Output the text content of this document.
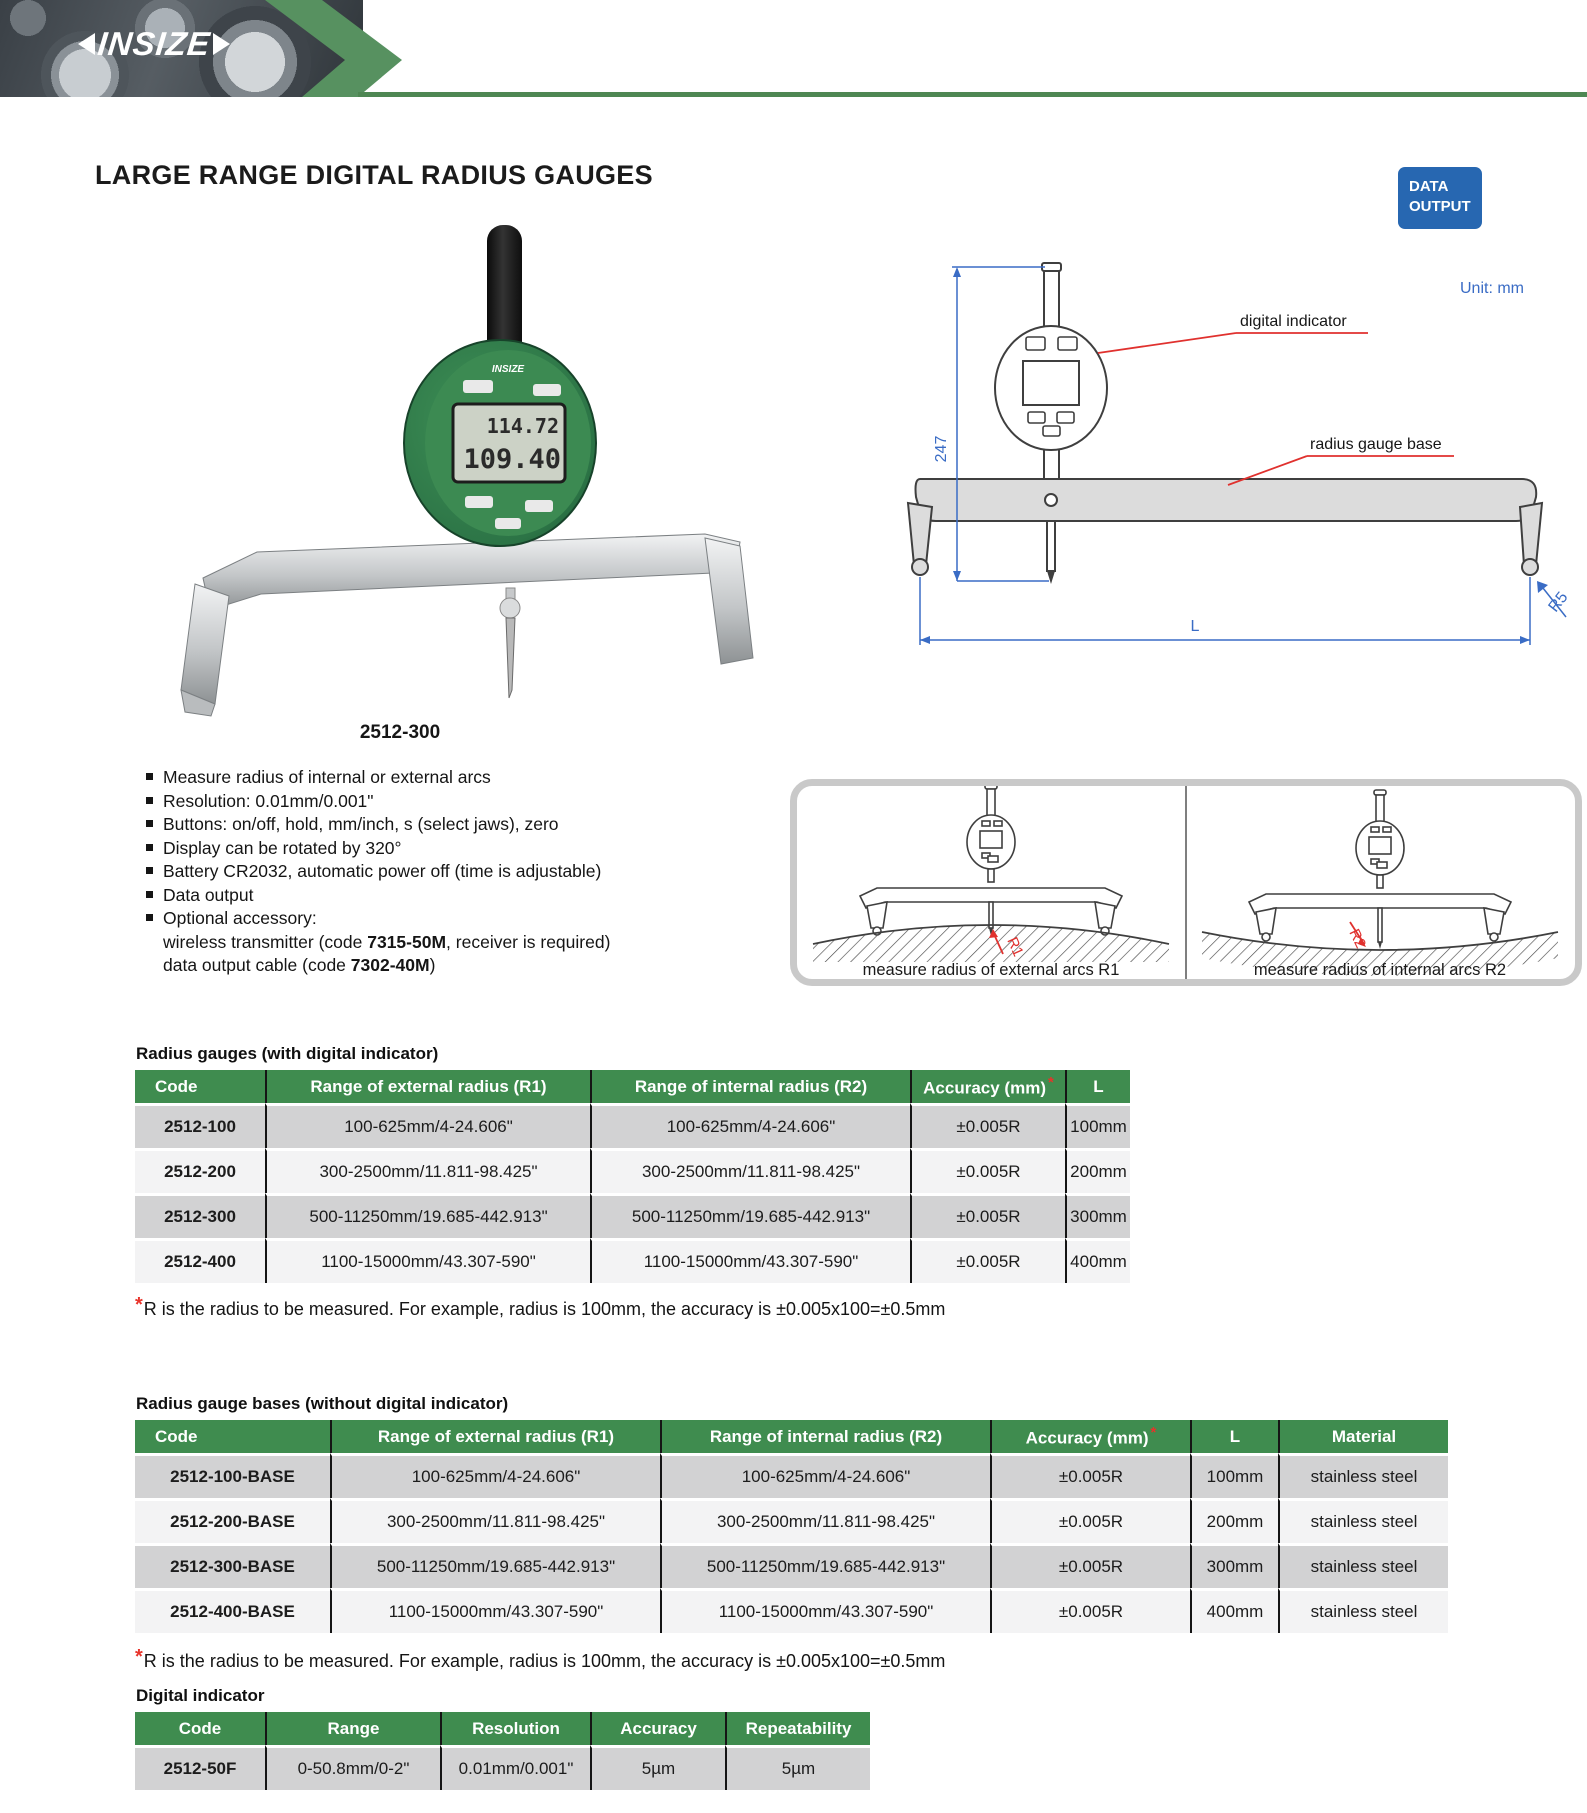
INSIZE
LARGE RANGE DIGITAL RADIUS GAUGES	DATA
OUTPUT
INSIZE
114.72
109.40
2512-300
Unit: mm
247
L
R5
digital indicator
radius gauge base
Measure radius of internal or external arcs
Resolution: 0.01mm/0.001"
Buttons: on/off, hold, mm/inch, s (select jaws), zero
Display can be rotated by 320°
Battery CR2032, automatic power off (time is adjustable)
Data output
Optional accessory:
wireless transmitter (code 7315-50M, receiver is required)
data output cable (code 7302-40M)
R1
measure radius of external arcs R1
R2
measure radius of internal arcs R2
Radius gauges (with digital indicator)
Code	Range of external radius (R1)	Range of internal radius (R2)	Accuracy (mm) *	L
2512-100	100-625mm/4-24.606"	100-625mm/4-24.606"	±0.005R	100mm
2512-200	300-2500mm/11.811-98.425"	300-2500mm/11.811-98.425"	±0.005R	200mm
2512-300	500-11250mm/19.685-442.913"	500-11250mm/19.685-442.913"	±0.005R	300mm
2512-400	1100-15000mm/43.307-590"	1100-15000mm/43.307-590"	±0.005R	400mm
*R is the radius to be measured. For example, radius is 100mm, the accuracy is ±0.005x100=±0.5mm
Radius gauge bases (without digital indicator)
Code	Range of external radius (R1)	Range of internal radius (R2)	Accuracy (mm) *	L	Material
2512-100-BASE	100-625mm/4-24.606"	100-625mm/4-24.606"	±0.005R	100mm	stainless steel
2512-200-BASE	300-2500mm/11.811-98.425"	300-2500mm/11.811-98.425"	±0.005R	200mm	stainless steel
2512-300-BASE	500-11250mm/19.685-442.913"	500-11250mm/19.685-442.913"	±0.005R	300mm	stainless steel
2512-400-BASE	1100-15000mm/43.307-590"	1100-15000mm/43.307-590"	±0.005R	400mm	stainless steel
*R is the radius to be measured. For example, radius is 100mm, the accuracy is ±0.005x100=±0.5mm
Digital indicator
Code	Range	Resolution	Accuracy	Repeatability
2512-50F	0-50.8mm/0-2"	0.01mm/0.001"	5µm	5µm
